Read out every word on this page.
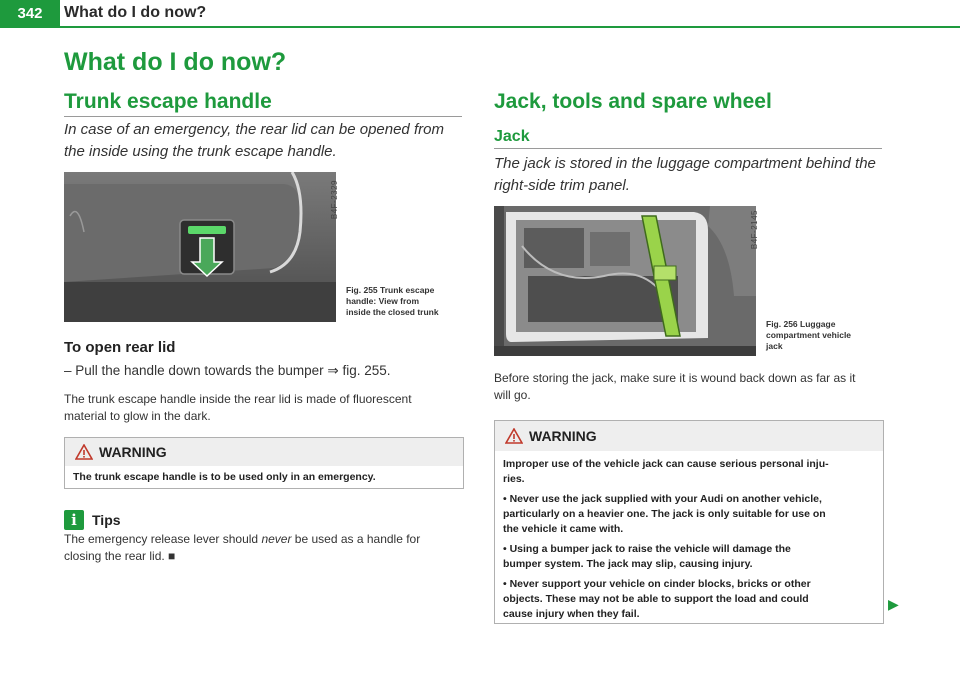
342	What do I do now?
What do I do now?
Trunk escape handle
In case of an emergency, the rear lid can be opened from the inside using the trunk escape handle.
B4F-2329
Fig. 255 Trunk escape
handle: View from
inside the closed trunk
To open rear lid
– Pull the handle down towards the bumper ⇒ fig. 255.
The trunk escape handle inside the rear lid is made of fluorescent
material to glow in the dark.
WARNING
The trunk escape handle is to be used only in an emergency.
i	Tips
The emergency release lever should never be used as a handle for
closing the rear lid. ■
Jack, tools and spare wheel
Jack
The jack is stored in the luggage compartment behind the right-side trim panel.
B4F-2145
Fig. 256 Luggage
compartment vehicle
jack
Before storing the jack, make sure it is wound back down as far as it
will go.
WARNING

Improper use of the vehicle jack can cause serious personal inju-

ries.

• Never use the jack supplied with your Audi on another vehicle,

particularly on a heavier one. The jack is only suitable for use on

the vehicle it came with.

• Using a bumper jack to raise the vehicle will damage the

bumper system. The jack may slip, causing injury.

• Never support your vehicle on cinder blocks, bricks or other

objects. These may not be able to support the load and could

cause injury when they fail.

▶
